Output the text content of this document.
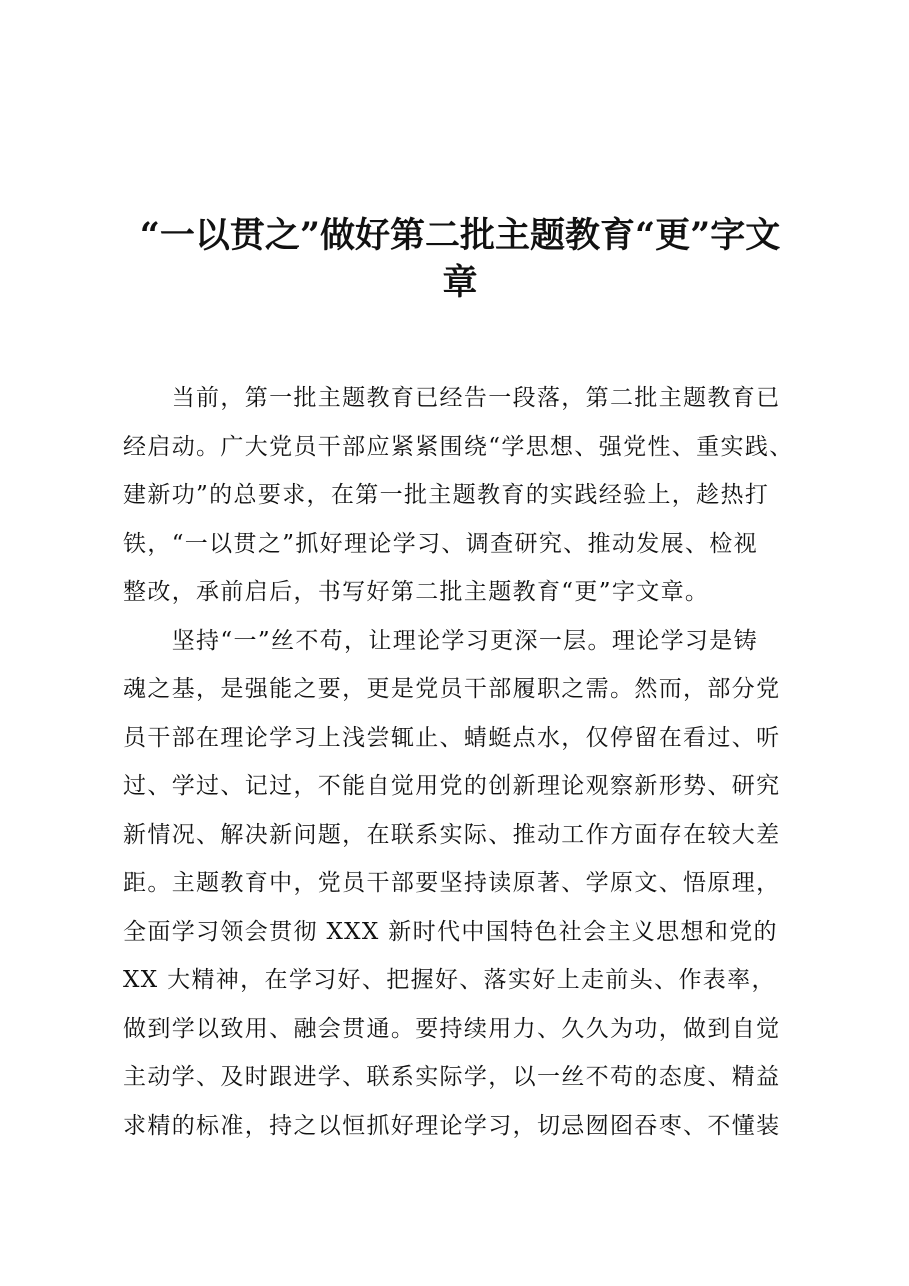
“一以贯之”做好第二批主题教育“更”字文
章

　　当前，第一批主题教育已经告一段落，第二批主题教育已
经启动。广大党员干部应紧紧围绕“学思想、强党性、重实践、
建新功”的总要求，在第一批主题教育的实践经验上，趁热打
铁，“一以贯之”抓好理论学习、调查研究、推动发展、检视
整改，承前启后，书写好第二批主题教育“更”字文章。

　　坚持“一”丝不苟，让理论学习更深一层。理论学习是铸
魂之基，是强能之要，更是党员干部履职之需。然而，部分党
员干部在理论学习上浅尝辄止、蜻蜓点水，仅停留在看过、听
过、学过、记过，不能自觉用党的创新理论观察新形势、研究
新情况、解决新问题，在联系实际、推动工作方面存在较大差
距。主题教育中，党员干部要坚持读原著、学原文、悟原理，
全面学习领会贯彻 XXX 新时代中国特色社会主义思想和党的
XX 大精神，在学习好、把握好、落实好上走前头、作表率，
做到学以致用、融会贯通。要持续用力、久久为功，做到自觉
主动学、及时跟进学、联系实际学，以一丝不苟的态度、精益
求精的标准，持之以恒抓好理论学习，切忌囫囵吞枣、不懂装
